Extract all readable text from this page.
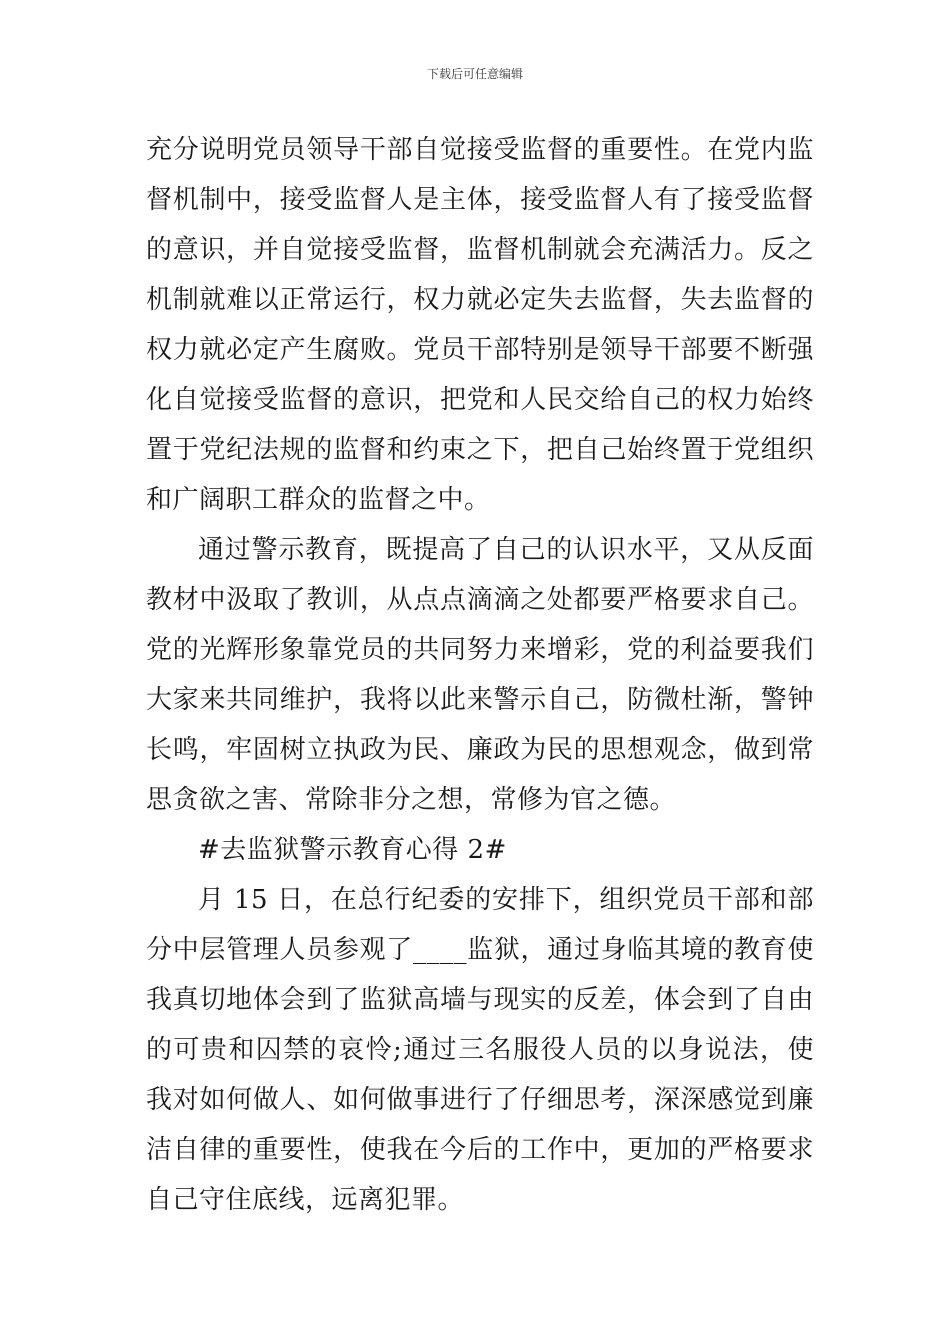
下载后可任意编辑

充分说明党员领导干部自觉接受监督的重要性。在党内监督机制中，接受监督人是主体，接受监督人有了接受监督的意识，并自觉接受监督，监督机制就会充满活力。反之机制就难以正常运行，权力就必定失去监督，失去监督的权力就必定产生腐败。党员干部特别是领导干部要不断强化自觉接受监督的意识，把党和人民交给自己的权力始终置于党纪法规的监督和约束之下，把自己始终置于党组织和广阔职工群众的监督之中。

通过警示教育，既提高了自己的认识水平，又从反面教材中汲取了教训，从点点滴滴之处都要严格要求自己。党的光辉形象靠党员的共同努力来增彩，党的利益要我们大家来共同维护，我将以此来警示自己，防微杜渐，警钟长鸣，牢固树立执政为民、廉政为民的思想观念，做到常思贪欲之害、常除非分之想，常修为官之德。

#去监狱警示教育心得 2#

月 15 日，在总行纪委的安排下，组织党员干部和部分中层管理人员参观了____监狱，通过身临其境的教育使我真切地体会到了监狱高墙与现实的反差，体会到了自由的可贵和囚禁的哀怜;通过三名服役人员的以身说法，使我对如何做人、如何做事进行了仔细思考，深深感觉到廉洁自律的重要性，使我在今后的工作中，更加的严格要求自己守住底线，远离犯罪。
